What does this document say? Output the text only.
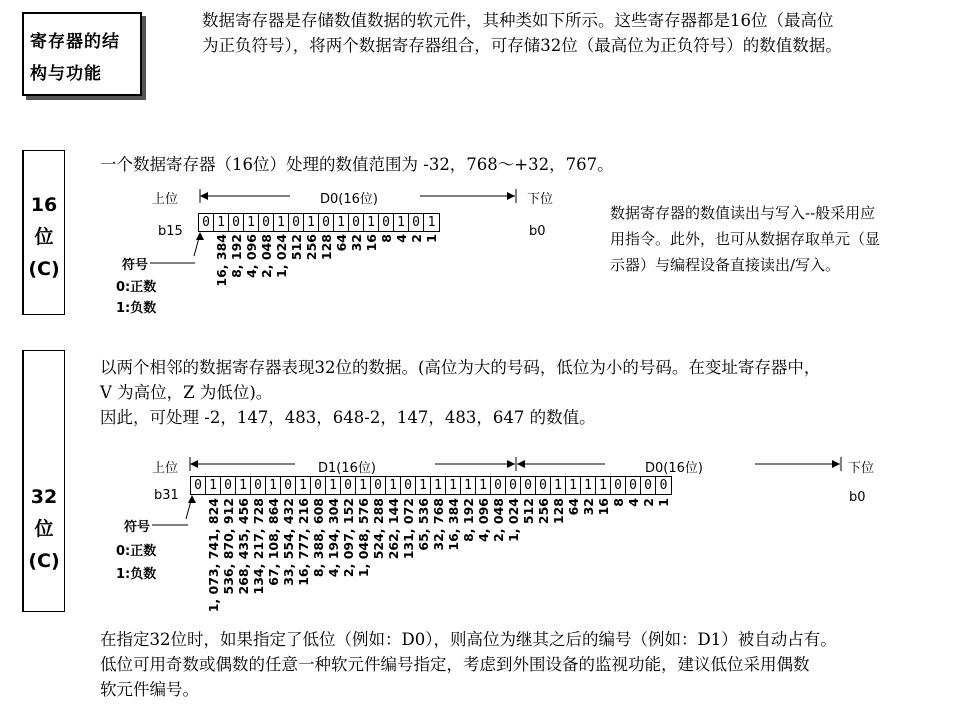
寄存器的结
构与功能
数据寄存器是存储数值数据的软元件，其种类如下所示。这些寄存器都是16位（最高位
为正负符号），将两个数据寄存器组合，可存储32位（最高位为正负符号）的数值数据。
16
位
(C)
一个数据寄存器（16位）处理的数值范围为 -32，768～+32，767。
上位	D0(16位)	下位
b15
0 1 0 1 0 1 0 1 0 1 0 1 0 1 0 1
b0
符号
0:正数
1:负数
16, 384 8, 192 4, 096 2, 048 1, 024 512 256 128 64 32 16 8 4 2 1
数据寄存器的数值读出与写入--般采用应
用指令。此外，也可从数据存取单元（显
示器）与编程设备直接读出/写入。
32
位
(C)
以两个相邻的数据寄存器表现32位的数据。(高位为大的号码，低位为小的号码。在变址寄存器中，
V 为高位，Z 为低位)。
因此，可处理 -2，147，483，648-2，147，483，647 的数值。
上位	D1(16位)	D0(16位)	下位
b31
0 1 0 1 0 1 0 1 0 1 0 1 0 1 0 1 1 1 1 1 0 0 0 0 1 1 1 1 0 0 0 0
b0
符号
0:正数
1:负数	1, 073, 741, 824 536, 870, 912 268, 435, 456 134, 217, 728 67, 108, 864 33, 554, 432 16, 777, 216 8, 388, 608 4, 194, 304 2, 097, 152 1, 048, 576 524, 288 262, 144 131, 072 65, 536 32, 768 16, 384 8, 192 4, 096 2, 048 1, 024 512 256 128 64 32 16 8 4 2 1
在指定32位时，如果指定了低位（例如：D0），则高位为继其之后的编号（例如：D1）被自动占有。
低位可用奇数或偶数的任意一种软元件编号指定，考虑到外围设备的监视功能，建议低位采用偶数
软元件编号。
